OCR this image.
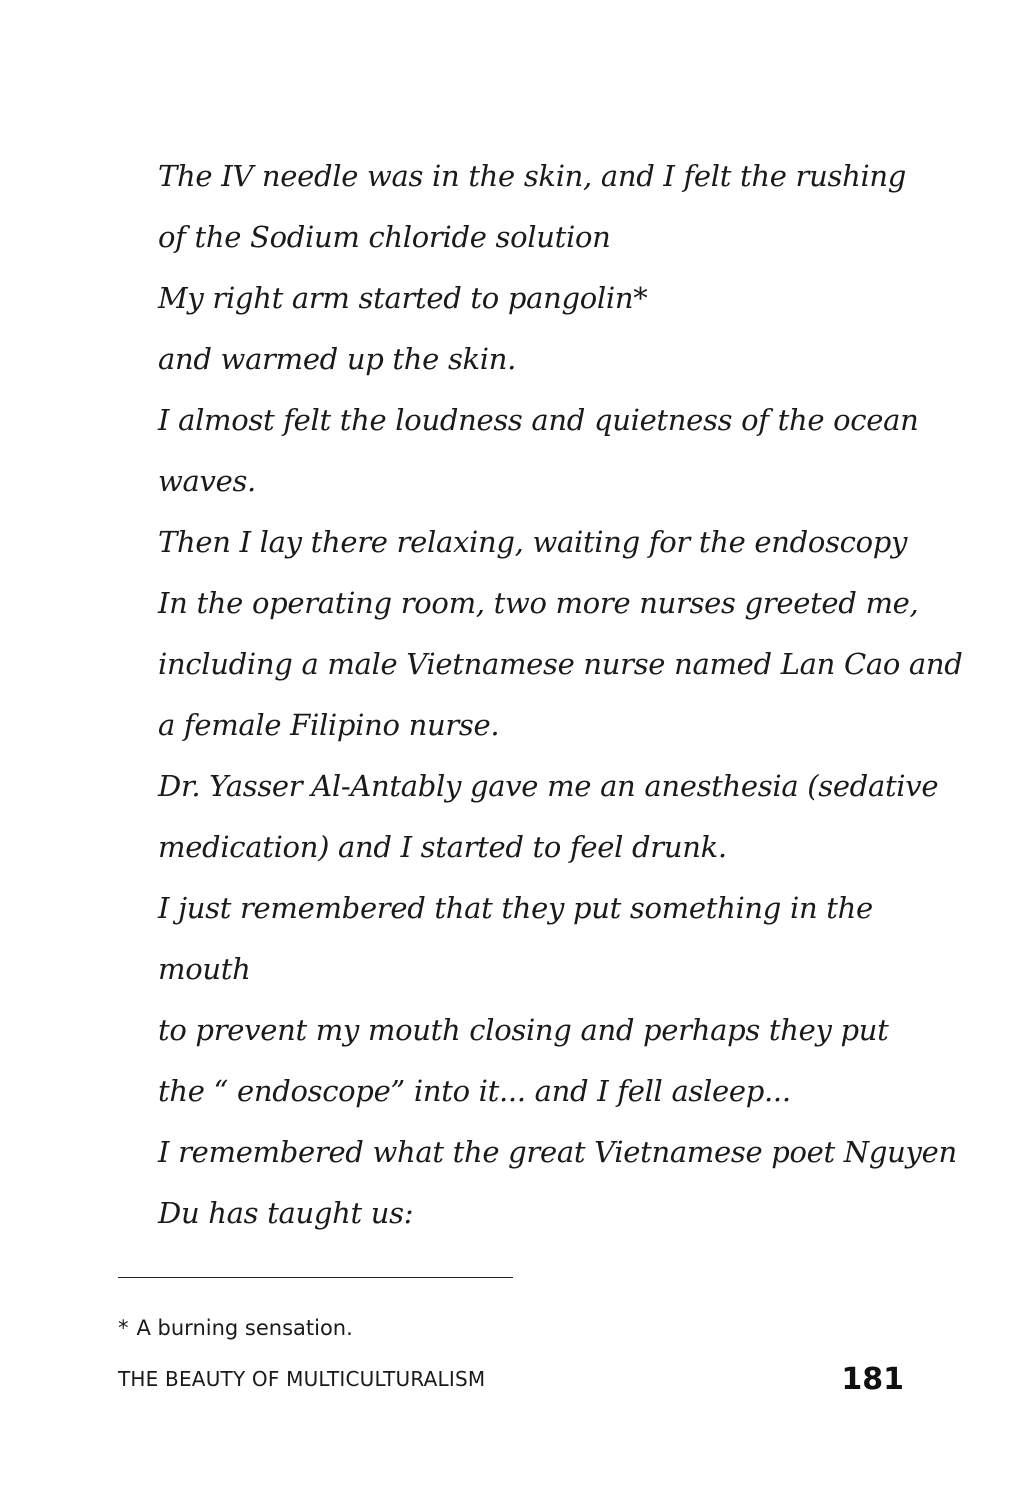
The IV needle was in the skin, and I felt the rushing
of the Sodium chloride solution
My right arm started to pangolin*
and warmed up the skin.
I almost felt the loudness and quietness of the ocean
waves.
Then I lay there relaxing, waiting for the endoscopy
In the operating room, two more nurses greeted me,
including a male Vietnamese nurse named Lan Cao and
a female Filipino nurse.
Dr. Yasser Al-Antably gave me an anesthesia (sedative
medication) and I started to feel drunk.
I just remembered that they put something in the
mouth
to prevent my mouth closing and perhaps they put
the “ endoscope” into it... and I fell asleep...
I remembered what the great Vietnamese poet Nguyen
Du has taught us:
* A burning sensation.
THE BEAUTY OF MULTICULTURALISM	181
